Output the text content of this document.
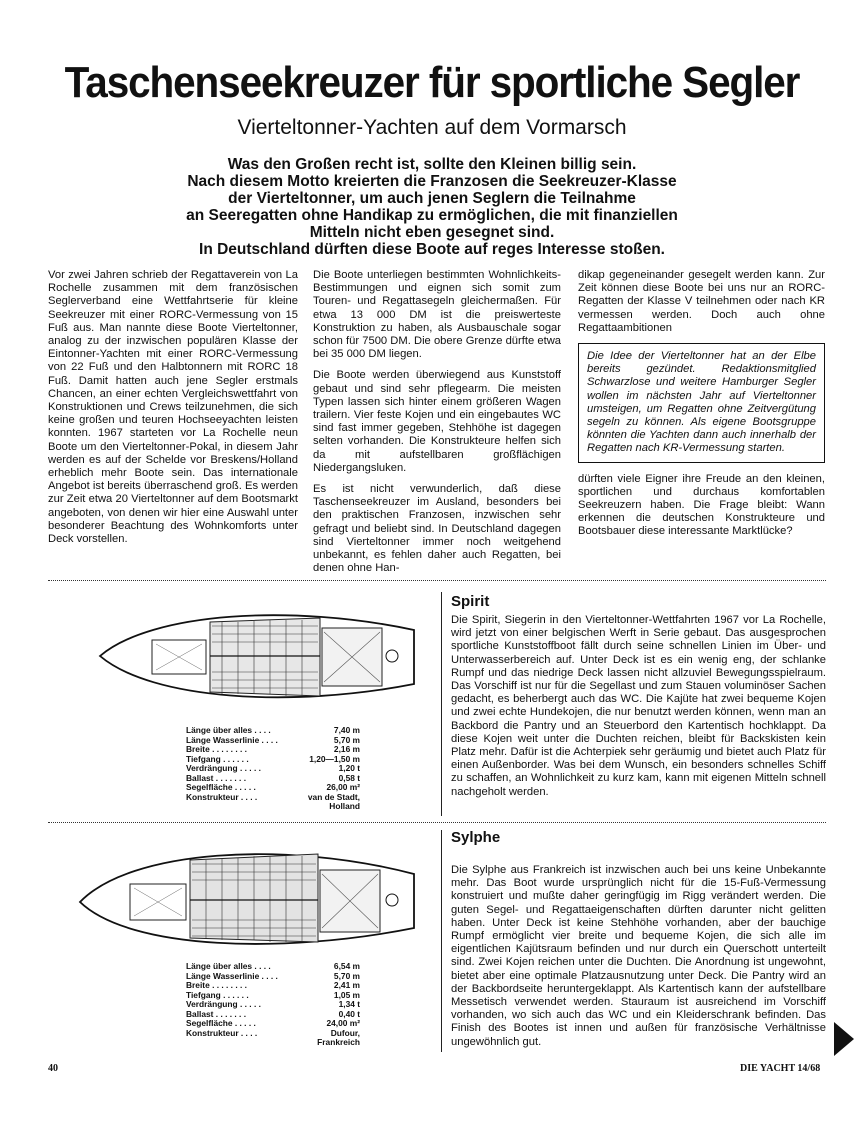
Taschenseekreuzer für sportliche Segler
Vierteltonner-Yachten auf dem Vormarsch
Was den Großen recht ist, sollte den Kleinen billig sein.
Nach diesem Motto kreierten die Franzosen die Seekreuzer-Klasse
der Vierteltonner, um auch jenen Seglern die Teilnahme
an Seeregatten ohne Handikap zu ermöglichen, die mit finanziellen
Mitteln nicht eben gesegnet sind.
In Deutschland dürften diese Boote auf reges Interesse stoßen.

Vor zwei Jahren schrieb der Regattaverein von La Rochelle zusammen mit dem französischen Seglerverband eine Wettfahrtserie für kleine Seekreuzer mit einer RORC-Vermessung von 15 Fuß aus. Man nannte diese Boote Vierteltonner, analog zu der inzwischen populären Klasse der Eintonner-Yachten mit einer RORC-Vermessung von 22 Fuß und den Halbtonnern mit RORC 18 Fuß. Damit hatten auch jene Segler erstmals Chancen, an einer echten Vergleichswettfahrt von Konstruktionen und Crews teilzunehmen, die sich keine großen und teuren Hochseeyachten leisten konnten. 1967 starteten vor La Rochelle neun Boote um den Vierteltonner-Pokal, in diesem Jahr werden es auf der Schelde vor Breskens/Holland erheblich mehr Boote sein. Das internationale Angebot ist bereits überraschend groß. Es werden zur Zeit etwa 20 Vierteltonner auf dem Bootsmarkt angeboten, von denen wir hier eine Auswahl unter besonderer Beachtung des Wohnkomforts unter Deck vorstellen.

Die Boote unterliegen bestimmten Wohnlichkeits-Bestimmungen und eignen sich somit zum Touren- und Regattasegeln gleichermaßen. Für etwa 13 000 DM ist die preiswerteste Konstruktion zu haben, als Ausbauschale sogar schon für 7500 DM. Die obere Grenze dürfte etwa bei 35 000 DM liegen.

Die Boote werden überwiegend aus Kunststoff gebaut und sind sehr pflegearm. Die meisten Typen lassen sich hinter einem größeren Wagen trailern. Vier feste Kojen und ein eingebautes WC sind fast immer gegeben, Stehhöhe ist dagegen selten vorhanden. Die Konstrukteure helfen sich da mit aufstellbaren großflächigen Niedergangsluken.

Es ist nicht verwunderlich, daß diese Taschenseekreuzer im Ausland, besonders bei den praktischen Franzosen, inzwischen sehr gefragt und beliebt sind. In Deutschland dagegen sind Vierteltonner immer noch weitgehend unbekannt, es fehlen daher auch Regatten, bei denen ohne Han-

dikap gegeneinander gesegelt werden kann. Zur Zeit können diese Boote bei uns nur an RORC-Regatten der Klasse V teilnehmen oder nach KR vermessen werden. Doch auch ohne Regattaambitionen

Die Idee der Vierteltonner hat an der Elbe bereits gezündet. Redaktionsmitglied Schwarzlose und weitere Hamburger Segler wollen im nächsten Jahr auf Vierteltonner umsteigen, um Regatten ohne Zeitvergütung segeln zu können. Als eigene Bootsgruppe könnten die Yachten dann auch innerhalb der Regatten nach KR-Vermessung starten.

dürften viele Eigner ihre Freude an den kleinen, sportlichen und durchaus komfortablen Seekreuzern haben. Die Frage bleibt: Wann erkennen die deutschen Konstrukteure und Bootsbauer diese interessante Marktlücke?

Länge über alles . . . .	7,40 m
Länge Wasserlinie . . . .	5,70 m
Breite . . . . . . . .	2,16 m
Tiefgang . . . . . .	1,20—1,50 m
Verdrängung . . . . .	1,20 t
Ballast . . . . . . .	0,58 t
Segelfläche . . . . .	26,00 m²
Konstrukteur . . . .	van de Stadt,
Holland
Spirit
Die Spirit, Siegerin in den Vierteltonner-Wettfahrten 1967 vor La Rochelle, wird jetzt von einer belgischen Werft in Serie gebaut. Das ausgesprochen sportliche Kunststoffboot fällt durch seine schnellen Linien im Über- und Unterwasserbereich auf. Unter Deck ist es ein wenig eng, der schlanke Rumpf und das niedrige Deck lassen nicht allzuviel Bewegungsspielraum. Das Vorschiff ist nur für die Segellast und zum Stauen voluminöser Sachen gedacht, es beherbergt auch das WC. Die Kajüte hat zwei bequeme Kojen und zwei echte Hundekojen, die nur benutzt werden können, wenn man an Backbord die Pantry und an Steuerbord den Kartentisch hochklappt. Da diese Kojen weit unter die Duchten reichen, bleibt für Backskisten kein Platz mehr. Dafür ist die Achterpiek sehr geräumig und bietet auch Platz für einen Außenborder. Was bei dem Wunsch, ein besonders schnelles Schiff zu schaffen, an Wohnlichkeit zu kurz kam, kann mit eigenen Mitteln schnell nachgeholt werden.
Länge über alles . . . .	6,54 m
Länge Wasserlinie . . . .	5,70 m
Breite . . . . . . . .	2,41 m
Tiefgang . . . . . .	1,05 m
Verdrängung . . . . .	1,34 t
Ballast . . . . . . .	0,40 t
Segelfläche . . . . .	24,00 m²
Konstrukteur . . . .	Dufour,
Frankreich
Sylphe
Die Sylphe aus Frankreich ist inzwischen auch bei uns keine Unbekannte mehr. Das Boot wurde ursprünglich nicht für die 15-Fuß-Vermessung konstruiert und mußte daher geringfügig im Rigg verändert werden. Die guten Segel- und Regattaeigenschaften dürften darunter nicht gelitten haben. Unter Deck ist keine Stehhöhe vorhanden, aber der bauchige Rumpf ermöglicht vier breite und bequeme Kojen, die sich alle im eigentlichen Kajütsraum befinden und nur durch ein Querschott unterteilt sind. Zwei Kojen reichen unter die Duchten. Die Anordnung ist ungewohnt, bietet aber eine optimale Platzausnutzung unter Deck. Die Pantry wird an der Backbordseite heruntergeklappt. Als Kartentisch kann der aufstellbare Messetisch verwendet werden. Stauraum ist ausreichend im Vorschiff vorhanden, wo sich auch das WC und ein Kleiderschrank befinden. Das Finish des Bootes ist innen und außen für französische Verhältnisse ungewöhnlich gut.
40	DIE YACHT 14/68
